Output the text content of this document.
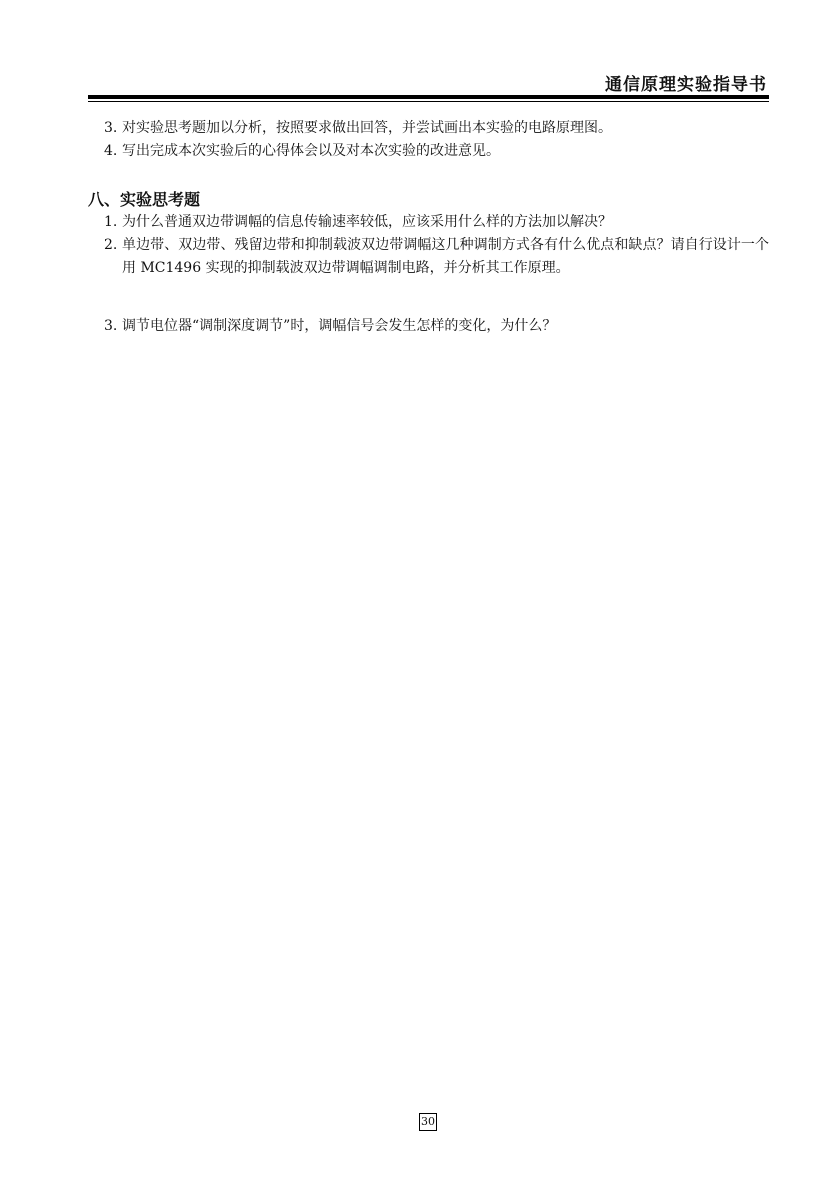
通信原理实验指导书
3. 对实验思考题加以分析，按照要求做出回答，并尝试画出本实验的电路原理图。
4. 写出完成本次实验后的心得体会以及对本次实验的改进意见。
八、实验思考题
1. 为什么普通双边带调幅的信息传输速率较低，应该采用什么样的方法加以解决？
2. 单边带、双边带、残留边带和抑制载波双边带调幅这几种调制方式各有什么优点和缺点？请自行设计一个用 MC1496 实现的抑制载波双边带调幅调制电路，并分析其工作原理。
3. 调节电位器“调制深度调节”时，调幅信号会发生怎样的变化，为什么？
30
